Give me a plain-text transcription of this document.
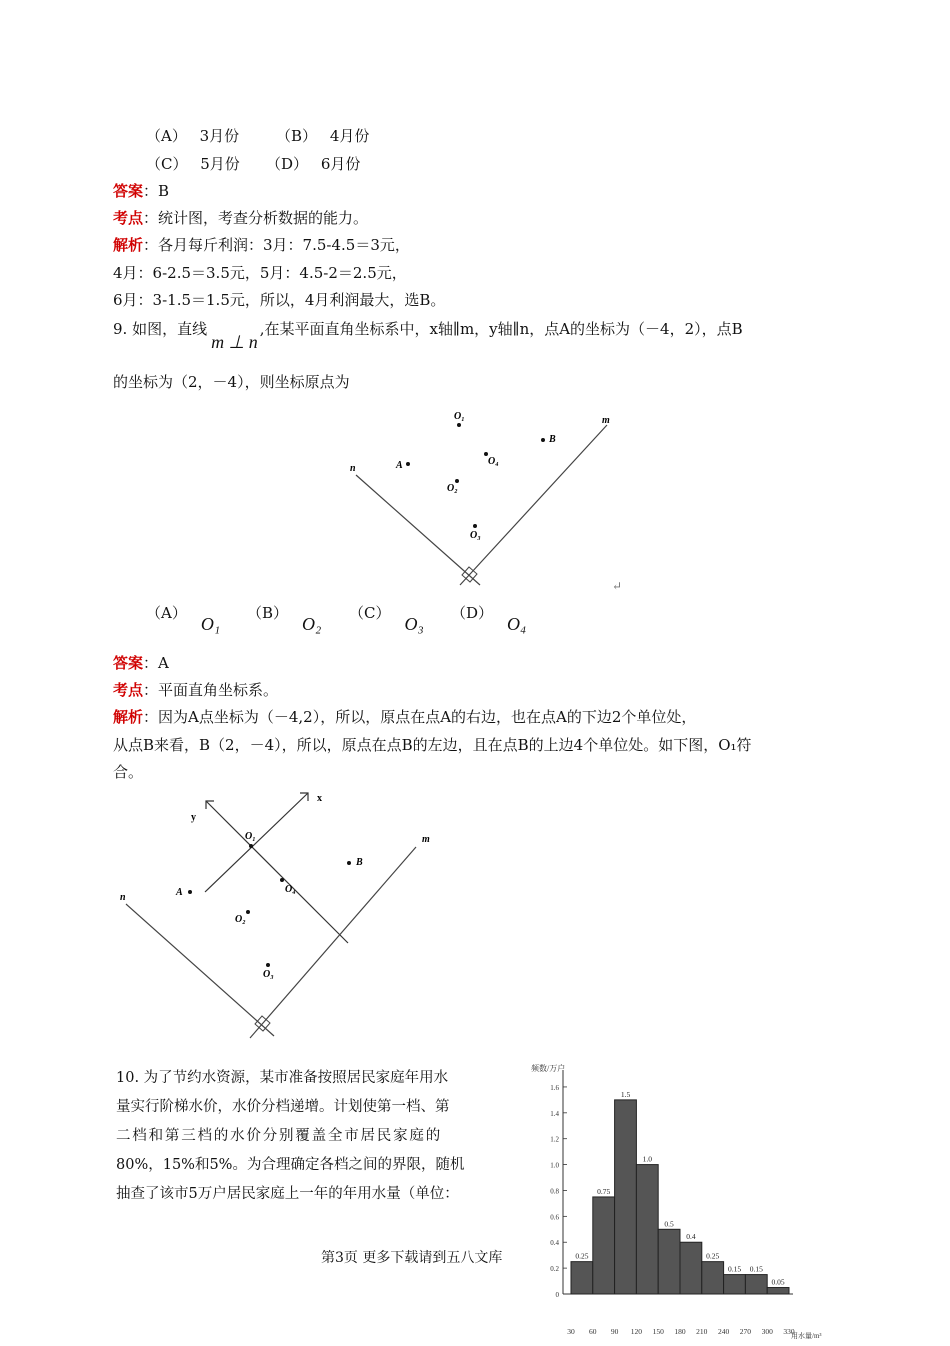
（A） 3月份 （B） 4月份
（C） 5月份 （D） 6月份
答案：B
考点：统计图，考查分析数据的能力。
解析：各月每斤利润：3月：7.5-4.5＝3元，
4月：6-2.5＝3.5元，5月：4.5-2＝2.5元，
6月：3-1.5＝1.5元，所以，4月利润最大，选B。
9. 如图，直线m ⊥ n,在某平面直角坐标系中，x轴∥m，y轴∥n，点A的坐标为（－4，2），点B
的坐标为（2，－4），则坐标原点为
n
m
A
B
O₁
O₂
O₃
O₄
↵
（A）O₁
（B）O₂
（C）O₃
（D）O₄
答案：A
考点：平面直角坐标系。
解析：因为A点坐标为（－4,2），所以，原点在点A的右边，也在点A的下边2个单位处，
从点B来看，B（2，－4），所以，原点在点B的左边，且在点B的上边4个单位处。如下图，O₁符
合。
x
y
n
m
O₁
A
B
O₄
O₂
O₃
10. 为了节约水资源，某市准备按照居民家庭年用水
量实行阶梯水价，水价分档递增。计划使第一档、第
二档和第三档的水价分别覆盖全市居民家庭的
80%，15%和5%。为合理确定各档之间的界限，随机
抽查了该市5万户居民家庭上一年的年用水量（单位：
第3页 更多下载请到五八文库
频数/万户
用水量/m³
0
0.2
0.4
0.6
0.8
1.0
1.2
1.4
1.6
0.25
0.75
1.5
1.0
0.5
0.4
0.25
0.15 0.15
0.05
30 60 90 120 150 180 210 240 270 300 330
